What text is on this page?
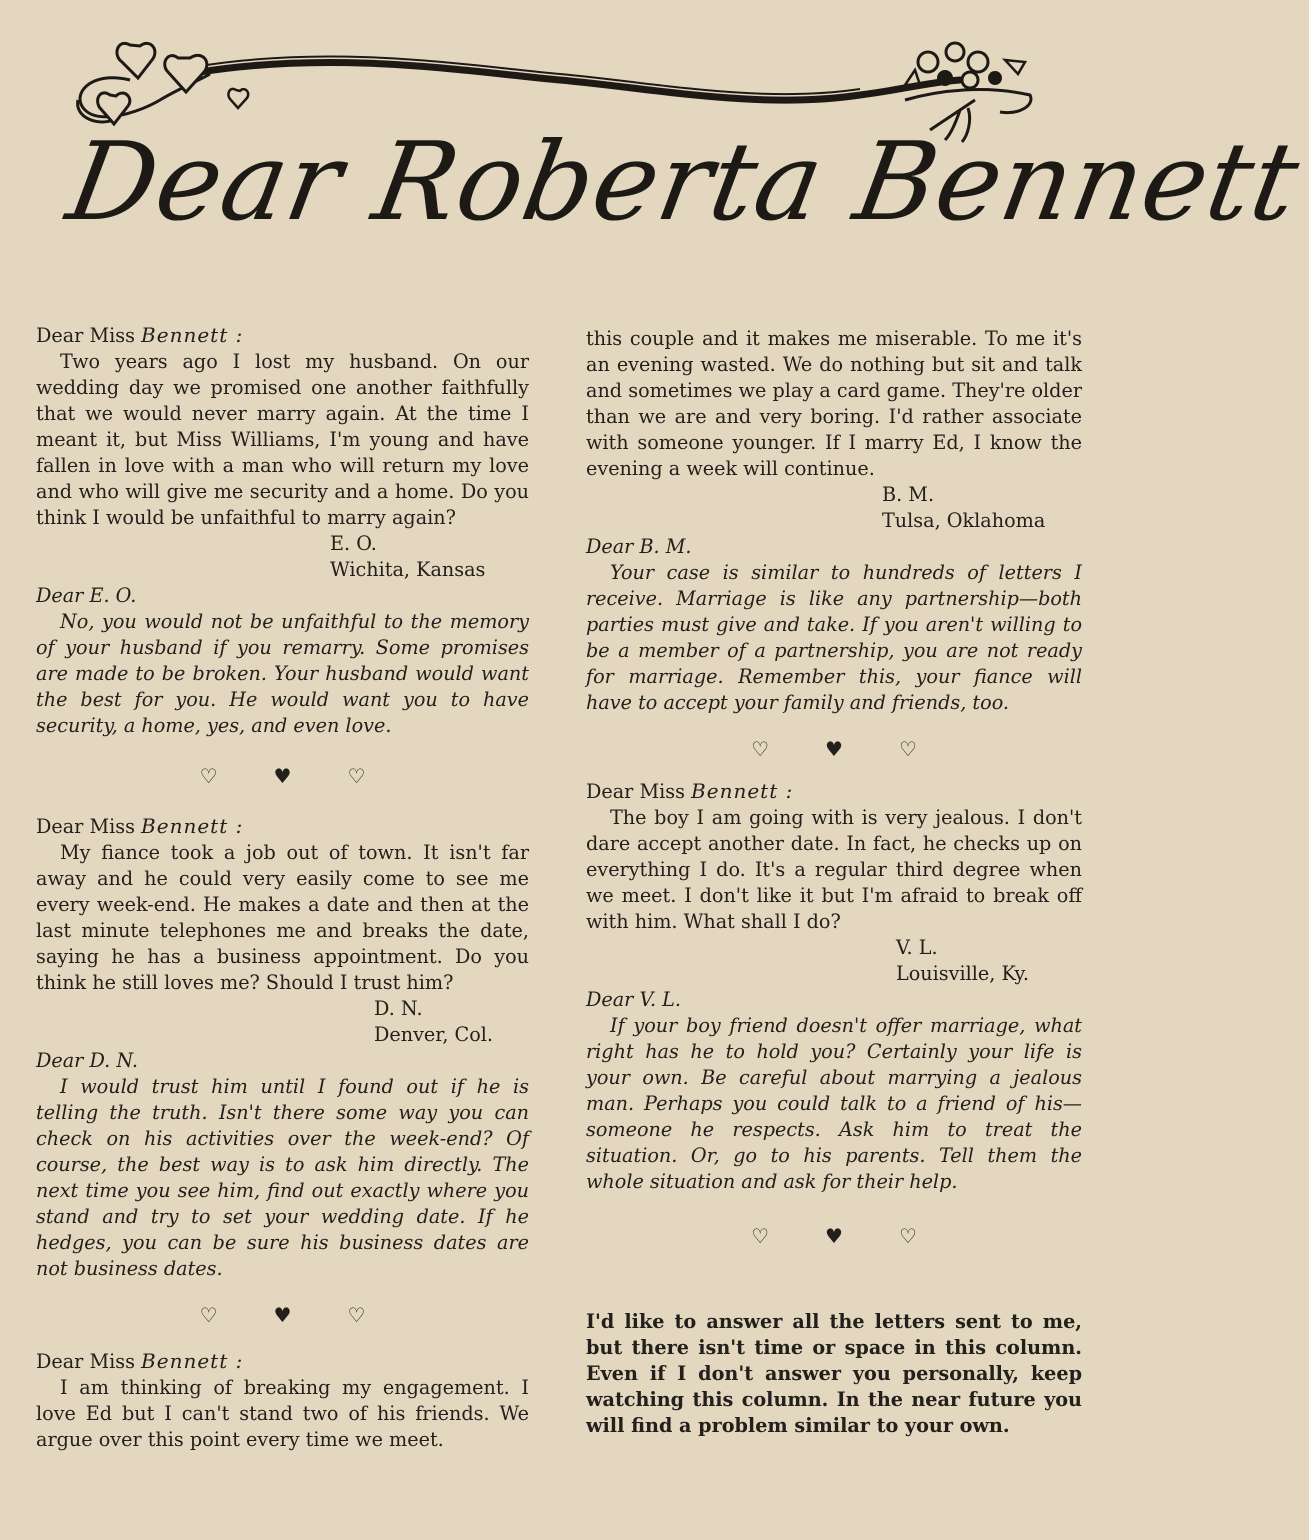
Dear Roberta Bennett
Dear Miss Bennett :
Two years ago I lost my husband. On our wedding day we promised one another faithfully that we would never marry again. At the time I meant it, but Miss Williams, I'm young and have fallen in love with a man who will return my love and who will give me security and a home. Do you think I would be unfaithful to marry again?
E. O.
Wichita, Kansas
Dear E. O.
No, you would not be unfaithful to the memory of your husband if you remarry. Some promises are made to be broken. Your husband would want the best for you. He would want you to have security, a home, yes, and even love.
♡	♥	♡
Dear Miss Bennett :
My fiance took a job out of town. It isn't far away and he could very easily come to see me every week-end. He makes a date and then at the last minute telephones me and breaks the date, saying he has a business appointment. Do you think he still loves me? Should I trust him?
D. N.
Denver, Col.
Dear D. N.
I would trust him until I found out if he is telling the truth. Isn't there some way you can check on his activities over the week-end? Of course, the best way is to ask him directly. The next time you see him, find out exactly where you stand and try to set your wedding date. If he hedges, you can be sure his business dates are not business dates.
♡	♥	♡
Dear Miss Bennett :
I am thinking of breaking my engagement. I love Ed but I can't stand two of his friends. We argue over this point every time we meet.
this couple and it makes me miserable. To me it's an evening wasted. We do nothing but sit and talk and sometimes we play a card game. They're older than we are and very boring. I'd rather associate with someone younger. If I marry Ed, I know the evening a week will continue.
B. M.
Tulsa, Oklahoma
Dear B. M.
Your case is similar to hundreds of letters I receive. Marriage is like any partnership—both parties must give and take. If you aren't willing to be a member of a partnership, you are not ready for marriage. Remember this, your fiance will have to accept your family and friends, too.
♡	♥	♡
Dear Miss Bennett :
The boy I am going with is very jealous. I don't dare accept another date. In fact, he checks up on everything I do. It's a regular third degree when we meet. I don't like it but I'm afraid to break off with him. What shall I do?
V. L.
Louisville, Ky.
Dear V. L.
If your boy friend doesn't offer marriage, what right has he to hold you? Certainly your life is your own. Be careful about marrying a jealous man. Perhaps you could talk to a friend of his—someone he respects. Ask him to treat the situation. Or, go to his parents. Tell them the whole situation and ask for their help.
♡	♥	♡
I'd like to answer all the letters sent to me, but there isn't time or space in this column. Even if I don't answer you personally, keep watching this column. In the near future you will find a problem similar to your own.
